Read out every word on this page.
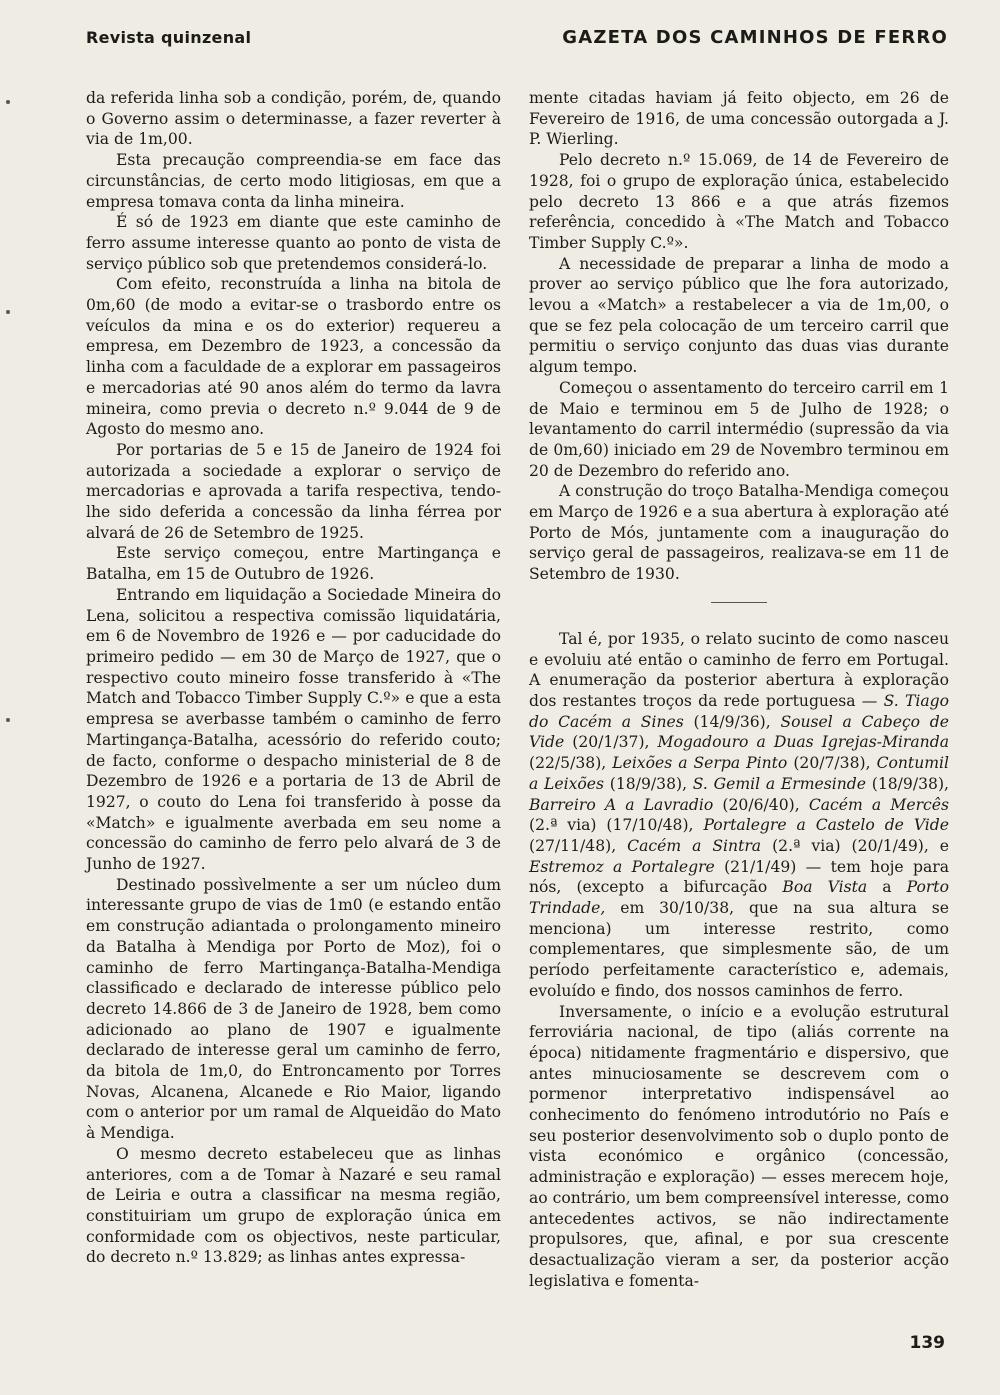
Revista quinzenal	GAZETA DOS CAMINHOS DE FERRO

da referida linha sob a condição, porém, de, quando o Governo assim o determinasse, a fazer reverter à via de 1m,00.

Esta precaução compreendia-se em face das circunstâncias, de certo modo litigiosas, em que a empresa tomava conta da linha mineira.

É só de 1923 em diante que este caminho de ferro assume interesse quanto ao ponto de vista de serviço público sob que pretendemos considerá-lo.

Com efeito, reconstruída a linha na bitola de 0m,60 (de modo a evitar-se o trasbordo entre os veículos da mina e os do exterior) requereu a empresa, em Dezembro de 1923, a concessão da linha com a faculdade de a explorar em passageiros e mercadorias até 90 anos além do termo da lavra mineira, como previa o decreto n.º 9.044 de 9 de Agosto do mesmo ano.

Por portarias de 5 e 15 de Janeiro de 1924 foi autorizada a sociedade a explorar o serviço de mercadorias e aprovada a tarifa respectiva, tendo-lhe sido deferida a concessão da linha férrea por alvará de 26 de Setembro de 1925.

Este serviço começou, entre Martingança e Batalha, em 15 de Outubro de 1926.

Entrando em liquidação a Sociedade Mineira do Lena, solicitou a respectiva comissão liquidatária, em 6 de Novembro de 1926 e — por caducidade do primeiro pedido — em 30 de Março de 1927, que o respectivo couto mineiro fosse transferido à «The Match and Tobacco Timber Supply C.º» e que a esta empresa se averbasse também o caminho de ferro Martingança-Batalha, acessório do referido couto; de facto, conforme o despacho ministerial de 8 de Dezembro de 1926 e a portaria de 13 de Abril de 1927, o couto do Lena foi transferido à posse da «Match» e igualmente averbada em seu nome a concessão do caminho de ferro pelo alvará de 3 de Junho de 1927.

Destinado possìvelmente a ser um núcleo dum interessante grupo de vias de 1m0 (e estando então em construção adiantada o prolongamento mineiro da Batalha à Mendiga por Porto de Moz), foi o caminho de ferro Martingança-Batalha-Mendiga classificado e declarado de interesse público pelo decreto 14.866 de 3 de Janeiro de 1928, bem como adicionado ao plano de 1907 e igualmente declarado de interesse geral um caminho de ferro, da bitola de 1m,0, do Entroncamento por Torres Novas, Alcanena, Alcanede e Rio Maior, ligando com o anterior por um ramal de Alqueidão do Mato à Mendiga.

O mesmo decreto estabeleceu que as linhas anteriores, com a de Tomar à Nazaré e seu ramal de Leiria e outra a classificar na mesma região, constituiriam um grupo de exploração única em conformidade com os objectivos, neste particular, do decreto n.º 13.829; as linhas antes expressa-

mente citadas haviam já feito objecto, em 26 de Fevereiro de 1916, de uma concessão outorgada a J. P. Wierling.

Pelo decreto n.º 15.069, de 14 de Fevereiro de 1928, foi o grupo de exploração única, estabelecido pelo decreto 13 866 e a que atrás fizemos referência, concedido à «The Match and Tobacco Timber Supply C.º».

A necessidade de preparar a linha de modo a prover ao serviço público que lhe fora autorizado, levou a «Match» a restabelecer a via de 1m,00, o que se fez pela colocação de um terceiro carril que permitiu o serviço conjunto das duas vias durante algum tempo.

Começou o assentamento do terceiro carril em 1 de Maio e terminou em 5 de Julho de 1928; o levantamento do carril intermédio (supressão da via de 0m,60) iniciado em 29 de Novembro terminou em 20 de Dezembro do referido ano.

A construção do troço Batalha-Mendiga começou em Março de 1926 e a sua abertura à exploração até Porto de Mós, juntamente com a inauguração do serviço geral de passageiros, realizava-se em 11 de Setembro de 1930.

Tal é, por 1935, o relato sucinto de como nasceu e evoluiu até então o caminho de ferro em Portugal. A enumeração da posterior abertura à exploração dos restantes troços da rede portuguesa — S. Tiago do Cacém a Sines (14/9/36), Sousel a Cabeço de Vide (20/1/37), Mogadouro a Duas Igrejas-Miranda (22/5/38), Leixões a Serpa Pinto (20/7/38), Contumil a Leixões (18/9/38), S. Gemil a Ermesinde (18/9/38), Barreiro A a Lavradio (20/6/40), Cacém a Mercês (2.ª via) (17/10/48), Portalegre a Castelo de Vide (27/11/48), Cacém a Sintra (2.ª via) (20/1/49), e Estremoz a Portalegre (21/1/49) — tem hoje para nós, (excepto a bifurcação Boa Vista a Porto Trindade, em 30/10/38, que na sua altura se menciona) um interesse restrito, como complementares, que simplesmente são, de um período perfeitamente característico e, ademais, evoluído e findo, dos nossos caminhos de ferro.

Inversamente, o início e a evolução estrutural ferroviária nacional, de tipo (aliás corrente na época) nitidamente fragmentário e dispersivo, que antes minuciosamente se descrevem com o pormenor interpretativo indispensável ao conhecimento do fenómeno introdutório no País e seu posterior desenvolvimento sob o duplo ponto de vista económico e orgânico (concessão, administração e exploração) — esses merecem hoje, ao contrário, um bem compreensível interesse, como antecedentes activos, se não indirectamente propulsores, que, afinal, e por sua crescente desactualização vieram a ser, da posterior acção legislativa e fomenta-

139
